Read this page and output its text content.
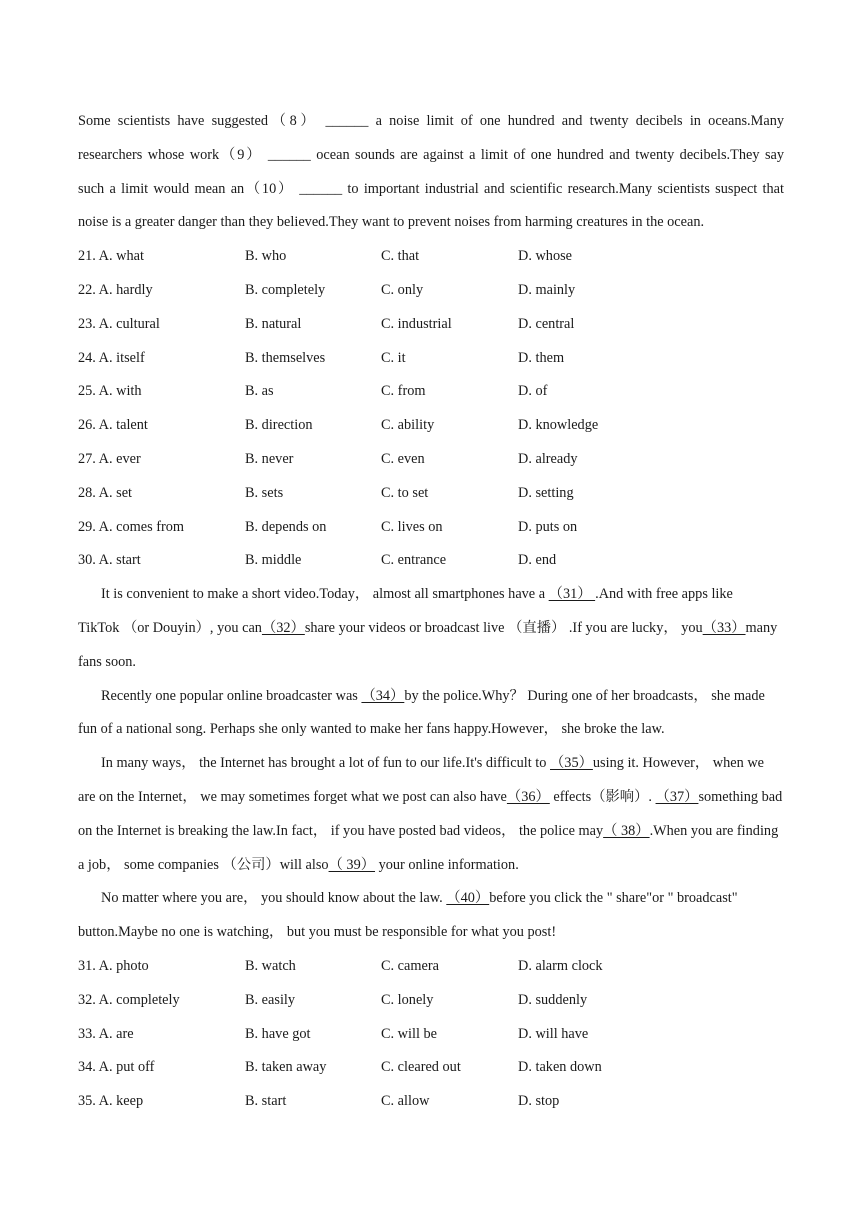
Some scientists have suggested（8） ______ a noise limit of one hundred and twenty decibels in oceans.Many
researchers whose work（9） ______ ocean sounds are against a limit of one hundred and twenty decibels.They say
such a limit would mean an（10） ______ to important industrial and scientific research.Many scientists suspect that
noise is a greater danger than they believed.They want to prevent noises from harming creatures in the ocean.
21. A. what	B. who	C. that	D. whose
22. A. hardly	B. completely	C. only	D. mainly
23. A. cultural	B. natural	C. industrial	D. central
24. A. itself	B. themselves	C. it	D. them
25. A. with	B. as	C. from	D. of
26. A. talent	B. direction	C. ability	D. knowledge
27. A. ever	B. never	C. even	D. already
28. A. set	B. sets	C. to set	D. setting
29. A. comes from	B. depends on	C. lives on	D. puts on
30. A. start	B. middle	C. entrance	D. end
It is convenient to make a short video.Today， almost all smartphones have a （31） .And with free apps like
TikTok （or Douyin）, you can（32）share your videos or broadcast live （直播） .If you are lucky， you（33）many
fans soon.
Recently one popular online broadcaster was （34）by the police.Why？ During one of her broadcasts， she made
fun of a national song. Perhaps she only wanted to make her fans happy.However， she broke the law.
In many ways， the Internet has brought a lot of fun to our life.It's difficult to （35）using it. However， when we
are on the Internet， we may sometimes forget what we post can also have（36） effects（影响）. （37）something bad
on the Internet is breaking the law.In fact， if you have posted bad videos， the police may（ 38）.When you are finding
a job， some companies （公司）will also（ 39） your online information.
No matter where you are， you should know about the law. （40）before you click the " share"or " broadcast"
button.Maybe no one is watching， but you must be responsible for what you post!
31. A. photo	B. watch	C. camera	D. alarm clock
32. A. completely	B. easily	C. lonely	D. suddenly
33. A. are	B. have got	C. will be	D. will have
34. A. put off	B. taken away	C. cleared out	D. taken down
35. A. keep	B. start	C. allow	D. stop
